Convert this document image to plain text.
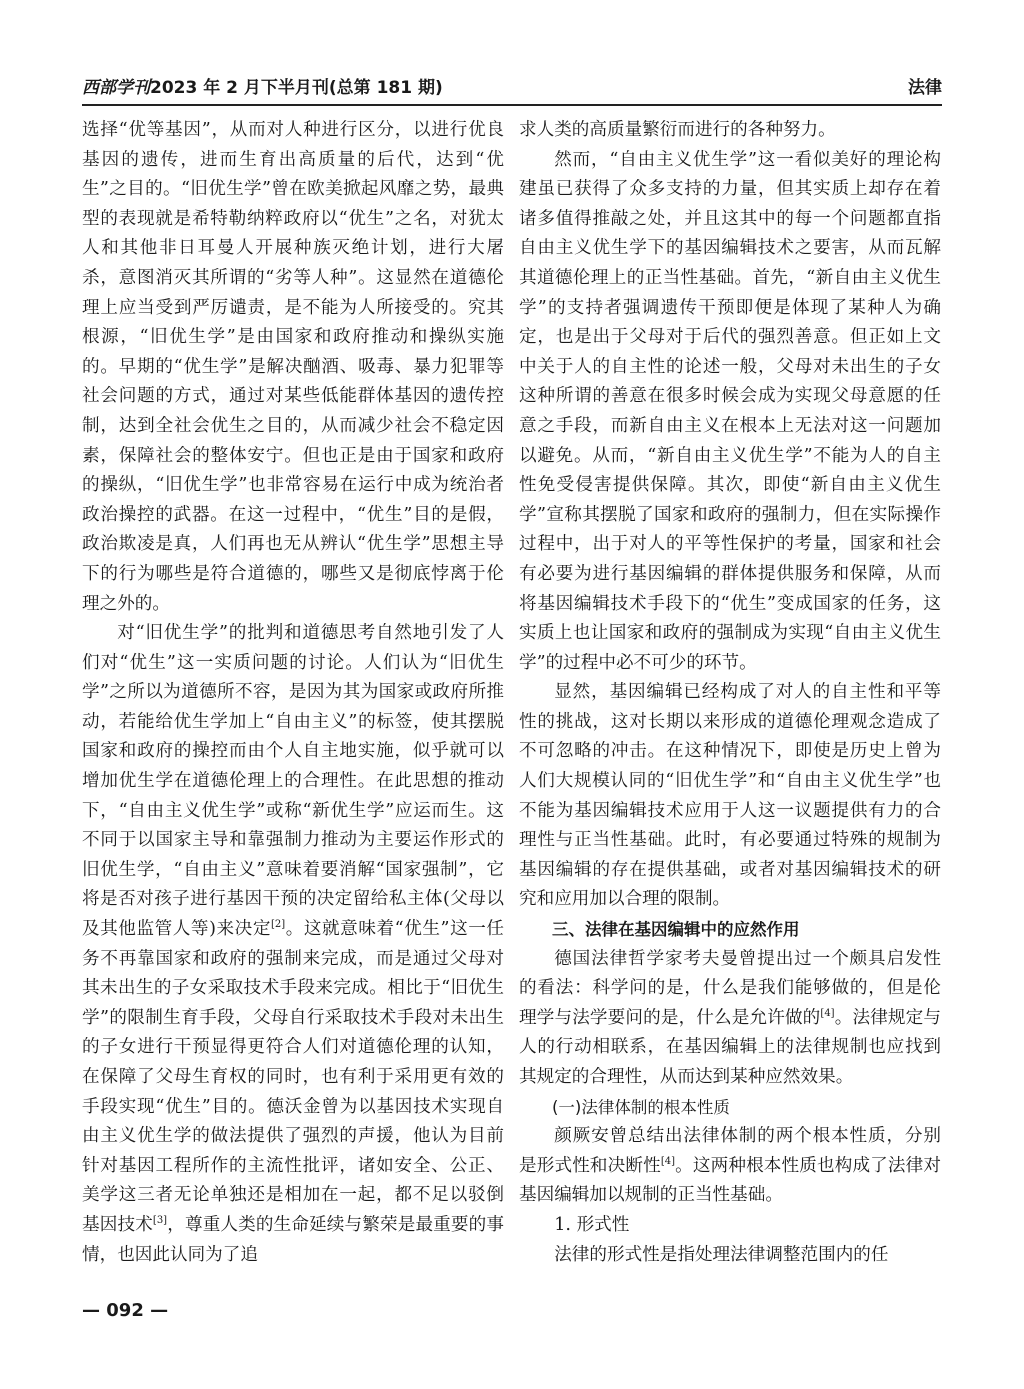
西部学刊2023 年 2 月下半月刊(总第 181 期)	法律

选择“优等基因”，从而对人种进行区分，以进行优良基因的遗传，进而生育出高质量的后代，达到“优生”之目的。“旧优生学”曾在欧美掀起风靡之势，最典型的表现就是希特勒纳粹政府以“优生”之名，对犹太人和其他非日耳曼人开展种族灭绝计划，进行大屠杀，意图消灭其所谓的“劣等人种”。这显然在道德伦理上应当受到严厉谴责，是不能为人所接受的。究其根源，“旧优生学”是由国家和政府推动和操纵实施的。早期的“优生学”是解决酗酒、吸毒、暴力犯罪等社会问题的方式，通过对某些低能群体基因的遗传控制，达到全社会优生之目的，从而减少社会不稳定因素，保障社会的整体安宁。但也正是由于国家和政府的操纵，“旧优生学”也非常容易在运行中成为统治者政治操控的武器。在这一过程中，“优生”目的是假，政治欺凌是真，人们再也无从辨认“优生学”思想主导下的行为哪些是符合道德的，哪些又是彻底悖离于伦理之外的。

对“旧优生学”的批判和道德思考自然地引发了人们对“优生”这一实质问题的讨论。人们认为“旧优生学”之所以为道德所不容，是因为其为国家或政府所推动，若能给优生学加上“自由主义”的标签，使其摆脱国家和政府的操控而由个人自主地实施，似乎就可以增加优生学在道德伦理上的合理性。在此思想的推动下，“自由主义优生学”或称“新优生学”应运而生。这不同于以国家主导和靠强制力推动为主要运作形式的旧优生学，“自由主义”意味着要消解“国家强制”，它将是否对孩子进行基因干预的决定留给私主体(父母以及其他监管人等)来决定[2]。这就意味着“优生”这一任务不再靠国家和政府的强制来完成，而是通过父母对其未出生的子女采取技术手段来完成。相比于“旧优生学”的限制生育手段，父母自行采取技术手段对未出生的子女进行干预显得更符合人们对道德伦理的认知，在保障了父母生育权的同时，也有利于采用更有效的手段实现“优生”目的。德沃金曾为以基因技术实现自由主义优生学的做法提供了强烈的声援，他认为目前针对基因工程所作的主流性批评，诸如安全、公正、美学这三者无论单独还是相加在一起，都不足以驳倒基因技术[3]，尊重人类的生命延续与繁荣是最重要的事情，也因此认同为了追

求人类的高质量繁衍而进行的各种努力。

然而，“自由主义优生学”这一看似美好的理论构建虽已获得了众多支持的力量，但其实质上却存在着诸多值得推敲之处，并且这其中的每一个问题都直指自由主义优生学下的基因编辑技术之要害，从而瓦解其道德伦理上的正当性基础。首先，“新自由主义优生学”的支持者强调遗传干预即便是体现了某种人为确定，也是出于父母对于后代的强烈善意。但正如上文中关于人的自主性的论述一般，父母对未出生的子女这种所谓的善意在很多时候会成为实现父母意愿的任意之手段，而新自由主义在根本上无法对这一问题加以避免。从而，“新自由主义优生学”不能为人的自主性免受侵害提供保障。其次，即使“新自由主义优生学”宣称其摆脱了国家和政府的强制力，但在实际操作过程中，出于对人的平等性保护的考量，国家和社会有必要为进行基因编辑的群体提供服务和保障，从而将基因编辑技术手段下的“优生”变成国家的任务，这实质上也让国家和政府的强制成为实现“自由主义优生学”的过程中必不可少的环节。

显然，基因编辑已经构成了对人的自主性和平等性的挑战，这对长期以来形成的道德伦理观念造成了不可忽略的冲击。在这种情况下，即使是历史上曾为人们大规模认同的“旧优生学”和“自由主义优生学”也不能为基因编辑技术应用于人这一议题提供有力的合理性与正当性基础。此时，有必要通过特殊的规制为基因编辑的存在提供基础，或者对基因编辑技术的研究和应用加以合理的限制。

三、法律在基因编辑中的应然作用

德国法律哲学家考夫曼曾提出过一个颇具启发性的看法：科学问的是，什么是我们能够做的，但是伦理学与法学要问的是，什么是允许做的[4]。法律规定与人的行动相联系，在基因编辑上的法律规制也应找到其规定的合理性，从而达到某种应然效果。

(一)法律体制的根本性质

颜厥安曾总结出法律体制的两个根本性质，分别是形式性和决断性[4]。这两种根本性质也构成了法律对基因编辑加以规制的正当性基础。

1. 形式性

法律的形式性是指处理法律调整范围内的任

— 092 —
